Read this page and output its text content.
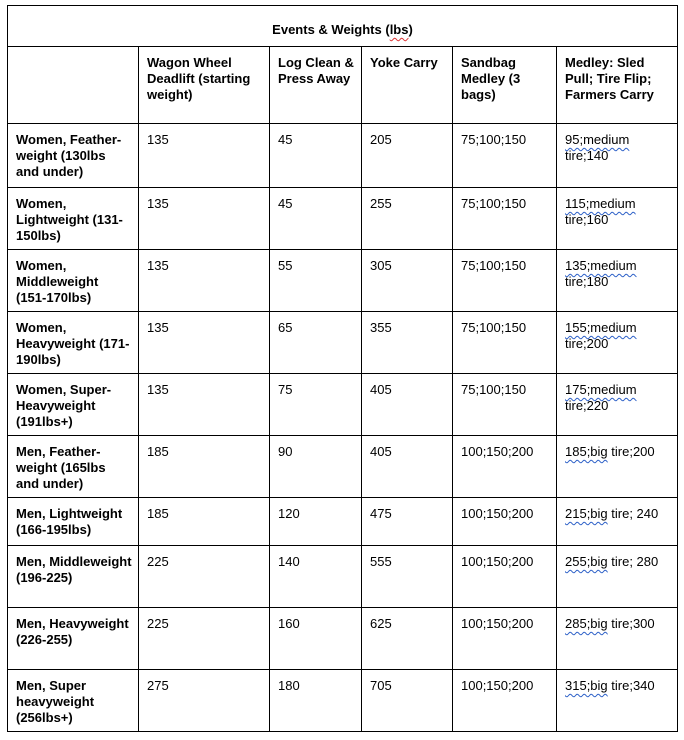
Events & Weights (lbs)					

	Wagon Wheel Deadlift (starting weight)	Log Clean & Press Away	Yoke Carry	Sandbag Medley (3 bags)	Medley: Sled Pull; Tire Flip; Farmers Carry

Women, Feather-weight (130lbs and under)	135	45	205	75;100;150	95;medium tire;140

Women, Lightweight (131-150lbs)	135	45	255	75;100;150	115;medium tire;160

Women, Middleweight (151-170lbs)	135	55	305	75;100;150	135;medium tire;180

Women, Heavyweight (171-190lbs)	135	65	355	75;100;150	155;medium tire;200

Women, Super-Heavyweight (191lbs+)	135	75	405	75;100;150	175;medium tire;220

Men, Feather-weight (165lbs and under)	185	90	405	100;150;200	185;big tire;200

Men, Lightweight (166-195lbs)	185	120	475	100;150;200	215;big tire; 240

Men, Middleweight (196-225)	225	140	555	100;150;200	255;big tire; 280

Men, Heavyweight (226-255)	225	160	625	100;150;200	285;big tire;300

Men, Super heavyweight (256lbs+)	275	180	705	100;150;200	315;big tire;340
